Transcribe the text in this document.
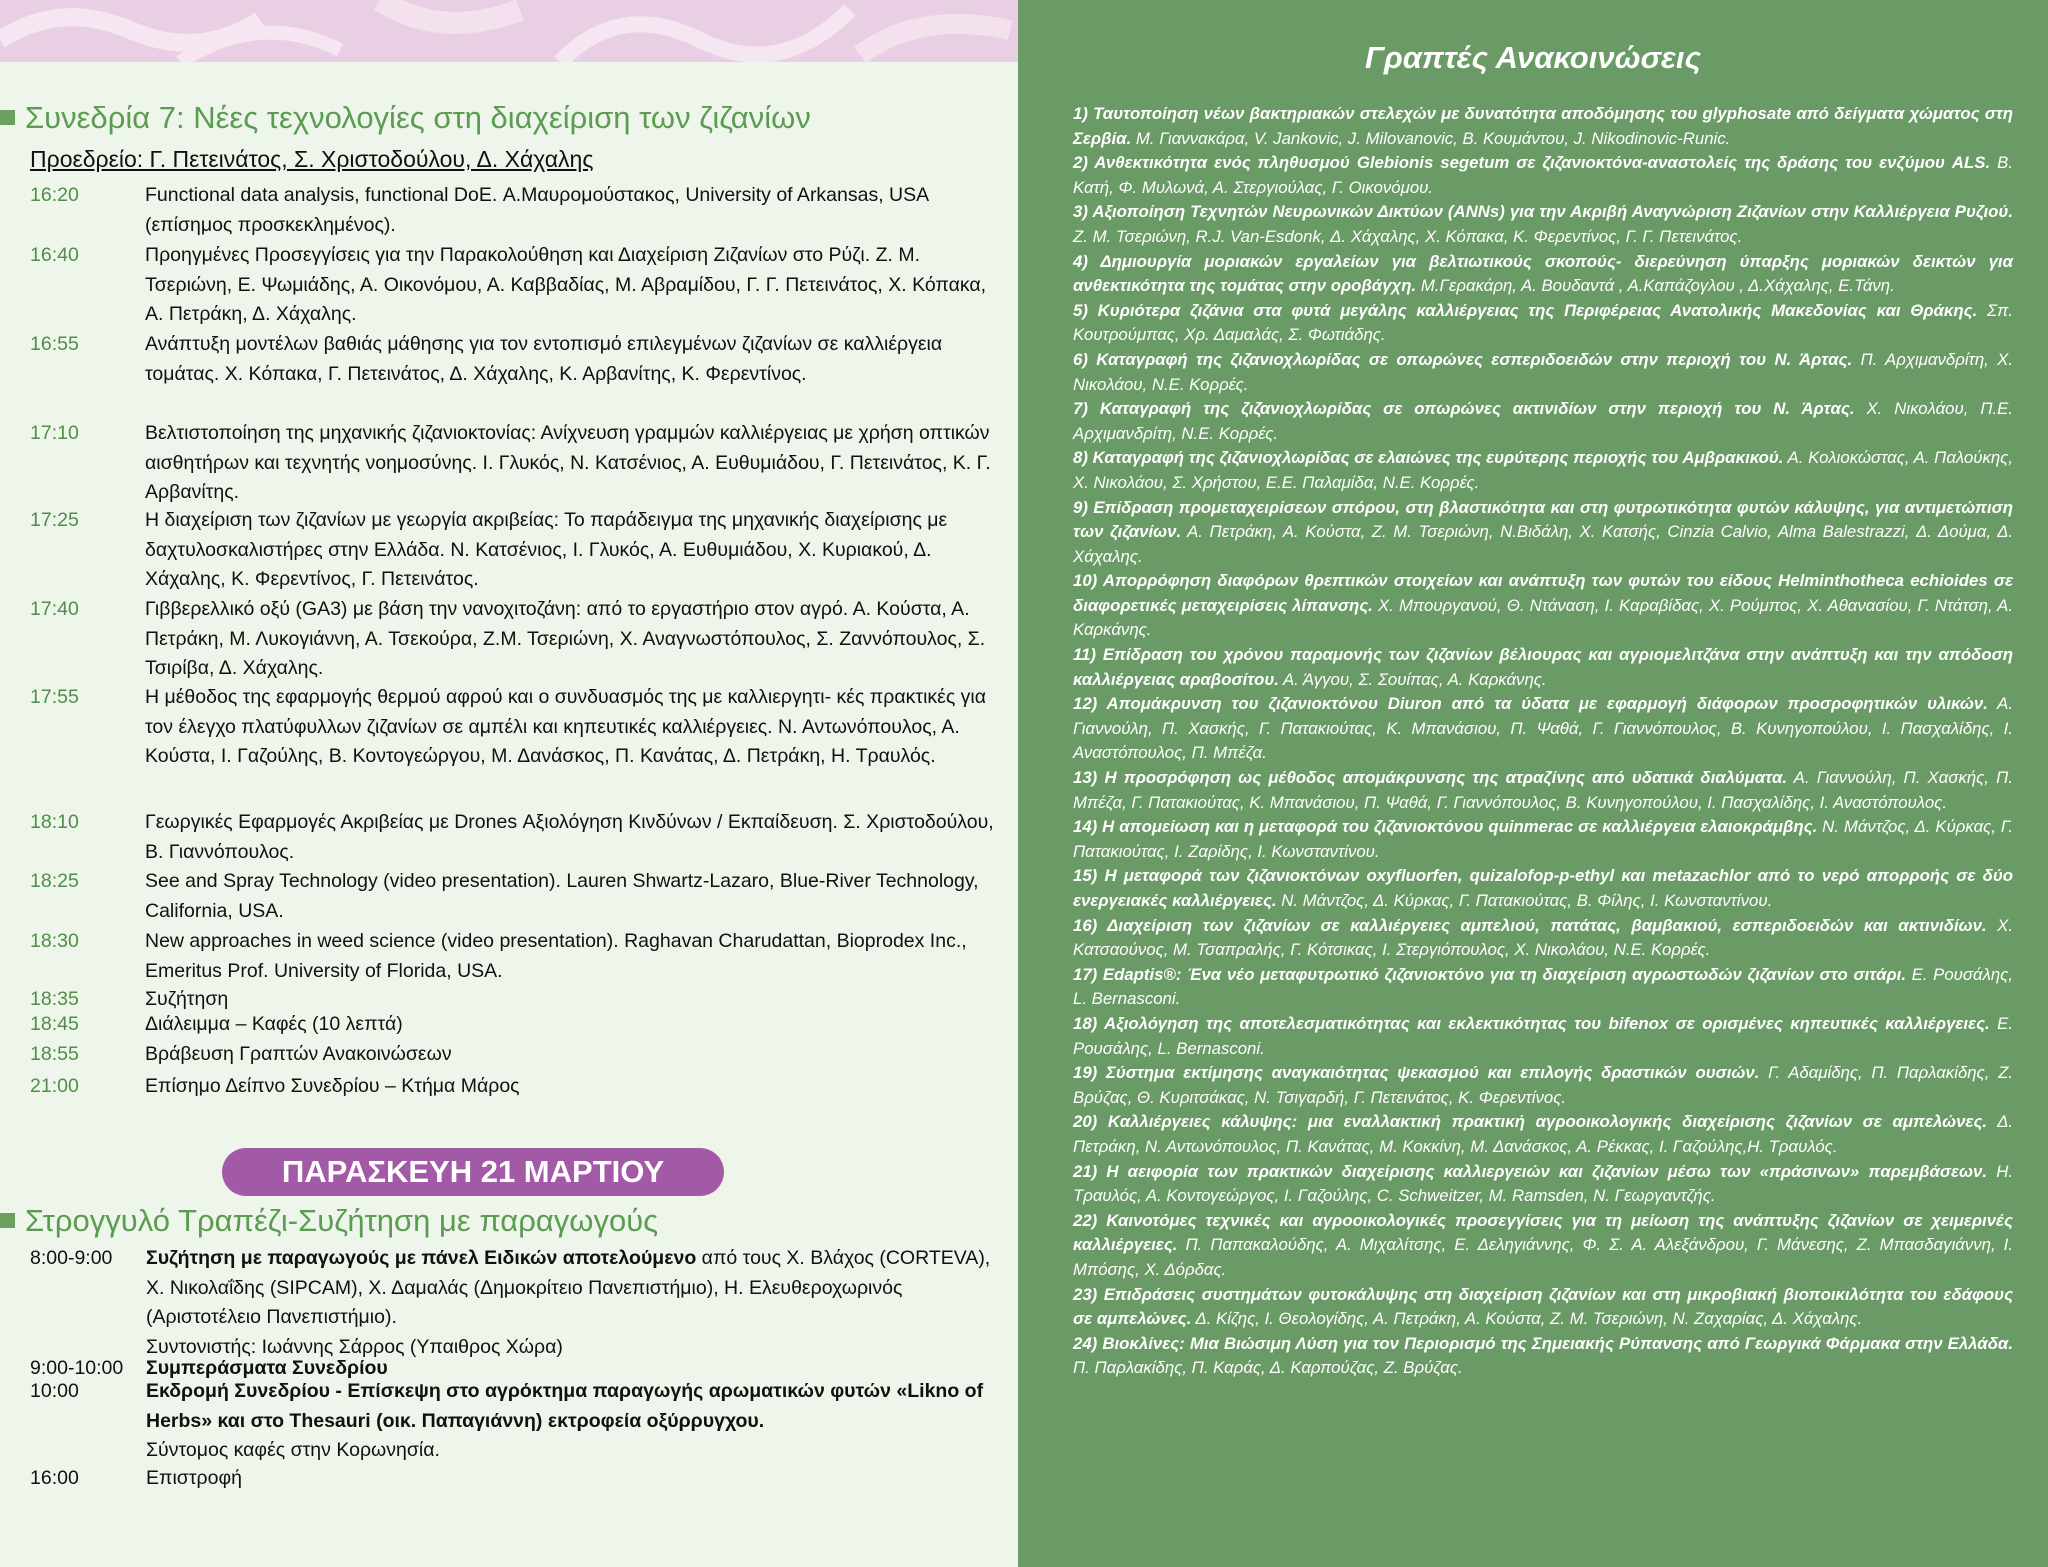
Συνεδρία 7: Νέες τεχνολογίες στη διαχείριση των ζιζανίων
Προεδρείο: Γ. Πετεινάτος, Σ. Χριστοδούλου, Δ. Χάχαλης
16:20	Functional data analysis, functional DoE. Α.Μαυρομούστακος, University of Arkansas, USA (επίσημος προσκεκλημένος).
16:40	Προηγμένες Προσεγγίσεις για την Παρακολούθηση και Διαχείριση Ζιζανίων στο Ρύζι. Ζ. Μ. Τσεριώνη, Ε. Ψωμιάδης, Α. Οικονόμου, Α. Καββαδίας, Μ. Αβραμίδου, Γ. Γ. Πετεινάτος, Χ. Κόπακα, Α. Πετράκη, Δ. Χάχαλης.
16:55	Ανάπτυξη μοντέλων βαθιάς μάθησης για τον εντοπισμό επιλεγμένων ζιζανίων σε καλλιέργεια τομάτας. Χ. Κόπακα, Γ. Πετεινάτος, Δ. Χάχαλης, Κ. Αρβανίτης, Κ. Φερεντίνος.
17:10	Βελτιστοποίηση της μηχανικής ζιζανιοκτονίας: Ανίχνευση γραμμών καλλιέργειας με χρήση οπτικών αισθητήρων και τεχνητής νοημοσύνης. Ι. Γλυκός, Ν. Κατσένιος, Α. Ευθυμιάδου, Γ. Πετεινάτος, Κ. Γ. Αρβανίτης.
17:25	Η διαχείριση των ζιζανίων με γεωργία ακριβείας: Το παράδειγμα της μηχανικής διαχείρισης με δαχτυλοσκαλιστήρες στην Ελλάδα. Ν. Κατσένιος, Ι. Γλυκός, Α. Ευθυμιάδου, Χ. Κυριακού, Δ. Χάχαλης, Κ. Φερεντίνος, Γ. Πετεινάτος.
17:40	Γιββερελλικό οξύ (GA3) με βάση την νανοχιτοζάνη: από το εργαστήριο στον αγρό. Α. Κούστα, Α. Πετράκη, Μ. Λυκογιάννη, Α. Τσεκούρα, Ζ.Μ. Τσεριώνη, Χ. Αναγνωστόπουλος, Σ. Ζαννόπουλος, Σ. Τσιρίβα, Δ. Χάχαλης.
17:55	Η μέθοδος της εφαρμογής θερμού αφρού και ο συνδυασμός της με καλλιεργητι- κές πρακτικές για τον έλεγχο πλατύφυλλων ζιζανίων σε αμπέλι και κηπευτικές καλλιέργειες. Ν. Αντωνόπουλος, Α. Κούστα, Ι. Γαζούλης, Β. Κοντογεώργου, Μ. Δανάσκος, Π. Κανάτας, Δ. Πετράκη, Η. Τραυλός.
18:10	Γεωργικές Εφαρμογές Ακριβείας με Drones Αξιολόγηση Κινδύνων / Εκπαίδευση. Σ. Χριστοδούλου, Β. Γιαννόπουλος.
18:25	See and Spray Technology (video presentation). Lauren Shwartz-Lazaro, Blue-River Technology, California, USA.
18:30	New approaches in weed science (video presentation). Raghavan Charudattan, Bioprodex Inc., Emeritus Prof. University of Florida, USA.
18:35	Συζήτηση
18:45	Διάλειμμα – Καφές (10 λεπτά)
18:55	Βράβευση Γραπτών Ανακοινώσεων
21:00	Επίσημο Δείπνο Συνεδρίου – Κτήμα Μάρος
ΠΑΡΑΣΚΕΥΗ 21 ΜΑΡΤΙΟΥ
Στρογγυλό Τραπέζι-Συζήτηση με παραγωγούς
8:00-9:00 Συζήτηση με παραγωγούς με πάνελ Ειδικών αποτελούμενο από τους Χ. Βλάχος (CORTEVA), Χ. Νικολαΐδης (SIPCAM), Χ. Δαμαλάς (Δημοκρίτειο Πανεπιστήμιο), Η. Ελευθεροχωρινός (Αριστοτέλειο Πανεπιστήμιο).
Συντονιστής: Ιωάννης Σάρρος (Υπαιθρος Χώρα)
9:00-10:00 Συμπεράσματα Συνεδρίου
10:00	Εκδρομή Συνεδρίου - Επίσκεψη στο αγρόκτημα παραγωγής αρωματικών φυτών «Likno of Herbs» και στο Thesauri (οικ. Παπαγιάννη) εκτροφεία οξύρρυγχου.
Σύντομος καφές στην Κορωνησία.
16:00	Επιστροφή
Γραπτές Ανακοινώσεις
1) Ταυτοποίηση νέων βακτηριακών στελεχών με δυνατότητα αποδόμησης του glyphosate από δείγματα χώματος στη Σερβία. Μ. Γιαννακάρα, V. Jankovic, J. Milovanovic, Β. Κουμάντου, J. Nikodinovic-Runic.
2) Ανθεκτικότητα ενός πληθυσμού Glebionis segetum σε ζιζανιοκτόνα-αναστολείς της δράσης του ενζύμου ALS. Β. Κατή, Φ. Μυλωνά, Α. Στεργιούλας, Γ. Οικονόμου.
3) Αξιοποίηση Τεχνητών Νευρωνικών Δικτύων (ANNs) για την Ακριβή Αναγνώριση Ζιζανίων στην Καλλιέργεια Ρυζιού. Ζ. Μ. Τσεριώνη, R.J. Van-Esdonk, Δ. Χάχαλης, Χ. Κόπακα, Κ. Φερεντίνος, Γ. Γ. Πετεινάτος.
4) Δημιουργία μοριακών εργαλείων για βελτιωτικούς σκοπούς- διερεύνηση ύπαρξης μοριακών δεικτών για ανθεκτικότητα της τομάτας στην οροβάγχη. Μ.Γερακάρη, Α. Βουδαντά , Α.Καπάζογλου , Δ.Χάχαλης, Ε.Τάνη.
5) Κυριότερα ζιζάνια στα φυτά μεγάλης καλλιέργειας της Περιφέρειας Ανατολικής Μακεδονίας και Θράκης. Σπ. Κουτρούμπας, Χρ. Δαμαλάς, Σ. Φωτιάδης.
6) Καταγραφή της ζιζανιοχλωρίδας σε οπωρώνες εσπεριδοειδών στην περιοχή του Ν. Άρτας. Π. Αρχιμανδρίτη, Χ. Νικολάου, Ν.Ε. Κορρές.
7) Καταγραφή της ζιζανιοχλωρίδας σε οπωρώνες ακτινιδίων στην περιοχή του Ν. Άρτας. Χ. Νικολάου, Π.Ε. Αρχιμανδρίτη, Ν.Ε. Κορρές.
8) Καταγραφή της ζιζανιοχλωρίδας σε ελαιώνες της ευρύτερης περιοχής του Αμβρακικού. Α. Κολιοκώστας, Α. Παλούκης, Χ. Νικολάου, Σ. Χρήστου, Ε.Ε. Παλαμίδα, Ν.Ε. Κορρές.
9) Επίδραση προμεταχειρίσεων σπόρου, στη βλαστικότητα και στη φυτρωτικότητα φυτών κάλυψης, για αντιμετώπιση των ζιζανίων. Α. Πετράκη, Α. Κούστα, Ζ. Μ. Τσεριώνη, Ν.Βιδάλη, Χ. Κατσής, Cinzia Calvio, Alma Balestrazzi, Δ. Δούμα, Δ. Χάχαλης.
10) Απορρόφηση διαφόρων θρεπτικών στοιχείων και ανάπτυξη των φυτών του είδους Helminthotheca echioides σε διαφορετικές μεταχειρίσεις λίπανσης. Χ. Μπουργανού, Θ. Ντάναση, Ι. Καραβίδας, Χ. Ρούμπος, Χ. Αθανασίου, Γ. Ντάτση, Α. Καρκάνης.
11) Επίδραση του χρόνου παραμονής των ζιζανίων βέλιουρας και αγριομελιτζάνα στην ανάπτυξη και την απόδοση καλλιέργειας αραβοσίτου. Α. Άγγου, Σ. Σουίπας, Α. Καρκάνης.
12) Απομάκρυνση του ζιζανιοκτόνου Diuron από τα ύδατα με εφαρμογή διάφορων προσροφητικών υλικών. Α. Γιαννούλη, Π. Χασκής, Γ. Πατακιούτας, Κ. Μπανάσιου, Π. Ψαθά, Γ. Γιαννόπουλος, Β. Κυνηγοπούλου, Ι. Πασχαλίδης, Ι. Αναστόπουλος, Π. Μπέζα.
13) Η προσρόφηση ως μέθοδος απομάκρυνσης της ατραζίνης από υδατικά διαλύματα. Α. Γιαννούλη, Π. Χασκής, Π. Μπέζα, Γ. Πατακιούτας, Κ. Μπανάσιου, Π. Ψαθά, Γ. Γιαννόπουλος, Β. Κυνηγοπούλου, Ι. Πασχαλίδης, Ι. Αναστόπουλος.
14) Η απομείωση και η μεταφορά του ζιζανιοκτόνου quinmerac σε καλλιέργεια ελαιοκράμβης. Ν. Μάντζος, Δ. Κύρκας, Γ. Πατακιούτας, Ι. Ζαρίδης, Ι. Κωνσταντίνου.
15) Η μεταφορά των ζιζανιοκτόνων oxyfluorfen, quizalofop-p-ethyl και metazachlor από το νερό απορροής σε δύο ενεργειακές καλλιέργειες. Ν. Μάντζος, Δ. Κύρκας, Γ. Πατακιούτας, Β. Φίλης, Ι. Κωνσταντίνου.
16) Διαχείριση των ζιζανίων σε καλλιέργειες αμπελιού, πατάτας, βαμβακιού, εσπεριδοειδών και ακτινιδίων. Χ. Κατσαούνος, Μ. Τσαπραλής, Γ. Κότσικας, Ι. Στεργιόπουλος, Χ. Νικολάου, Ν.Ε. Κορρές.
17) Edaptis®: Ένα νέο μεταφυτρωτικό ζιζανιοκτόνο για τη διαχείριση αγρωστωδών ζιζανίων στο σιτάρι. Ε. Ρουσάλης, L. Bernasconi.
18) Αξιολόγηση της αποτελεσματικότητας και εκλεκτικότητας του bifenox σε ορισμένες κηπευτικές καλλιέργειες. Ε. Ρουσάλης, L. Bernasconi.
19) Σύστημα εκτίμησης αναγκαιότητας ψεκασμού και επιλογής δραστικών ουσιών. Γ. Αδαμίδης, Π. Παρλακίδης, Ζ. Βρύζας, Θ. Κυριτσάκας, Ν. Τσιγαρδή, Γ. Πετεινάτος, Κ. Φερεντίνος.
20) Καλλιέργειες κάλυψης: μια εναλλακτική πρακτική αγροοικολογικής διαχείρισης ζιζανίων σε αμπελώνες. Δ. Πετράκη, Ν. Αντωνόπουλος, Π. Κανάτας, Μ. Κοκκίνη, Μ. Δανάσκος, Α. Ρέκκας, Ι. Γαζούλης,Η. Τραυλός.
21) Η αειφορία των πρακτικών διαχείρισης καλλιεργειών και ζιζανίων μέσω των «πράσινων» παρεμβάσεων. Η. Τραυλός, Α. Κοντογεώργος, Ι. Γαζούλης, C. Schweitzer, M. Ramsden, Ν. Γεωργαντζής.
22) Καινοτόμες τεχνικές και αγροοικολογικές προσεγγίσεις για τη μείωση της ανάπτυξης ζιζανίων σε χειμερινές καλλιέργειες. Π. Παπακαλούδης, Α. Μιχαλίτσης, Ε. Δεληγιάννης, Φ. Σ. Α. Αλεξάνδρου, Γ. Μάνεσης, Ζ. Μπασδαγιάννη, Ι. Μπόσης, Χ. Δόρδας.
23) Επιδράσεις συστημάτων φυτοκάλυψης στη διαχείριση ζιζανίων και στη μικροβιακή βιοποικιλότητα του εδάφους σε αμπελώνες. Δ. Κίζης, Ι. Θεολογίδης, Α. Πετράκη, Α. Κούστα, Ζ. Μ. Τσεριώνη, Ν. Ζαχαρίας, Δ. Χάχαλης.
24) Βιοκλίνες: Μια Βιώσιμη Λύση για τον Περιορισμό της Σημειακής Ρύπανσης από Γεωργικά Φάρμακα στην Ελλάδα. Π. Παρλακίδης, Π. Καράς, Δ. Καρπούζας, Ζ. Βρύζας.
